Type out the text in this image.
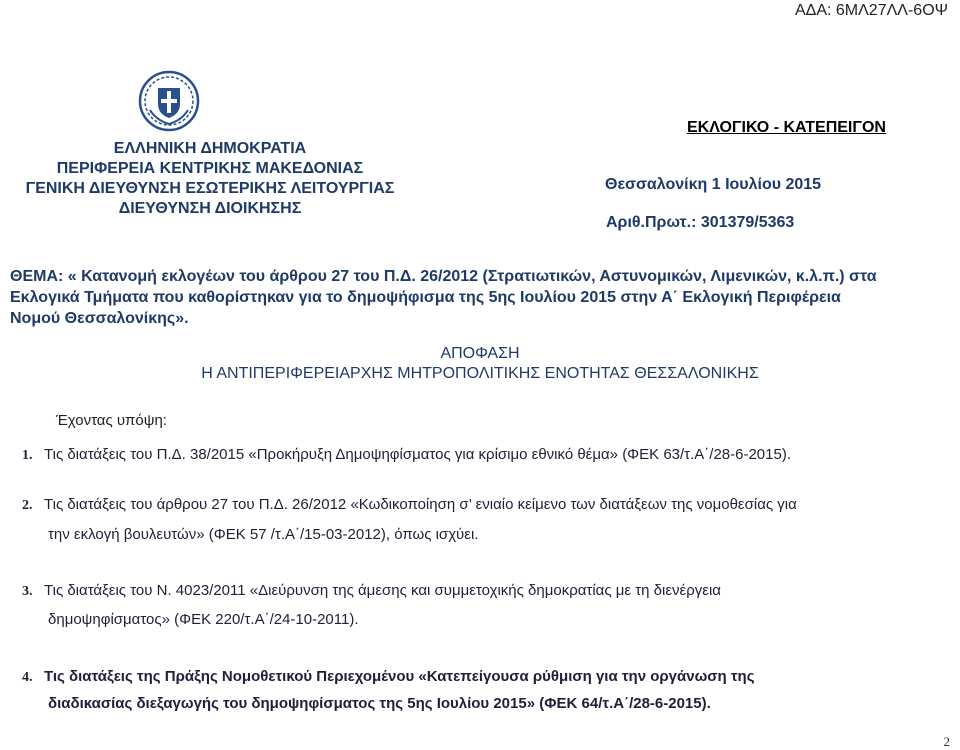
ΑΔΑ: 6ΜΛ27ΛΛ-6ΟΨ
ΕΛΛΗΝΙΚΗ ΔΗΜΟΚΡΑΤΙΑ
ΠΕΡΙΦΕΡΕΙΑ ΚΕΝΤΡΙΚΗΣ ΜΑΚΕΔΟΝΙΑΣ
ΓΕΝΙΚΗ ΔΙΕΥΘΥΝΣΗ ΕΣΩΤΕΡΙΚΗΣ ΛΕΙΤΟΥΡΓΙΑΣ
ΔΙΕΥΘΥΝΣΗ ΔΙΟΙΚΗΣΗΣ
ΕΚΛΟΓΙΚΟ - ΚΑΤΕΠΕΙΓΟΝ
Θεσσαλονίκη 1 Ιουλίου 2015
Αριθ.Πρωτ.: 301379/5363
ΘΕΜΑ: « Κατανομή εκλογέων του άρθρου 27 του Π.Δ. 26/2012 (Στρατιωτικών, Αστυνομικών, Λιμενικών, κ.λ.π.) στα
Εκλογικά Τμήματα που καθορίστηκαν για το δημοψήφισμα της 5ης Ιουλίου 2015 στην Α΄ Εκλογική Περιφέρεια
Νομού Θεσσαλονίκης».
ΑΠΟΦΑΣΗ
Η ΑΝΤΙΠΕΡΙΦΕΡΕΙΑΡΧΗΣ ΜΗΤΡΟΠΟΛΙΤΙΚΗΣ ΕΝΟΤΗΤΑΣ ΘΕΣΣΑΛΟΝΙΚΗΣ
Έχοντας υπόψη:
1. Τις διατάξεις του Π.Δ. 38/2015 «Προκήρυξη Δημοψηφίσματος για κρίσιμο εθνικό θέμα» (ΦΕΚ 63/τ.Α΄/28-6-2015).
2. Τις διατάξεις του άρθρου 27 του Π.Δ. 26/2012 «Κωδικοποίηση σ’ ενιαίο κείμενο των διατάξεων της νομοθεσίας για
την εκλογή βουλευτών» (ΦΕΚ 57 /τ.Α΄/15-03-2012), όπως ισχύει.
3. Τις διατάξεις του Ν. 4023/2011 «Διεύρυνση της άμεσης και συμμετοχικής δημοκρατίας με τη διενέργεια
δημοψηφίσματος» (ΦΕΚ 220/τ.Α΄/24-10-2011).
4. Τις διατάξεις της Πράξης Νομοθετικού Περιεχομένου «Κατεπείγουσα ρύθμιση για την οργάνωση της
διαδικασίας διεξαγωγής του δημοψηφίσματος της 5ης Ιουλίου 2015» (ΦΕΚ 64/τ.Α΄/28-6-2015).
2
